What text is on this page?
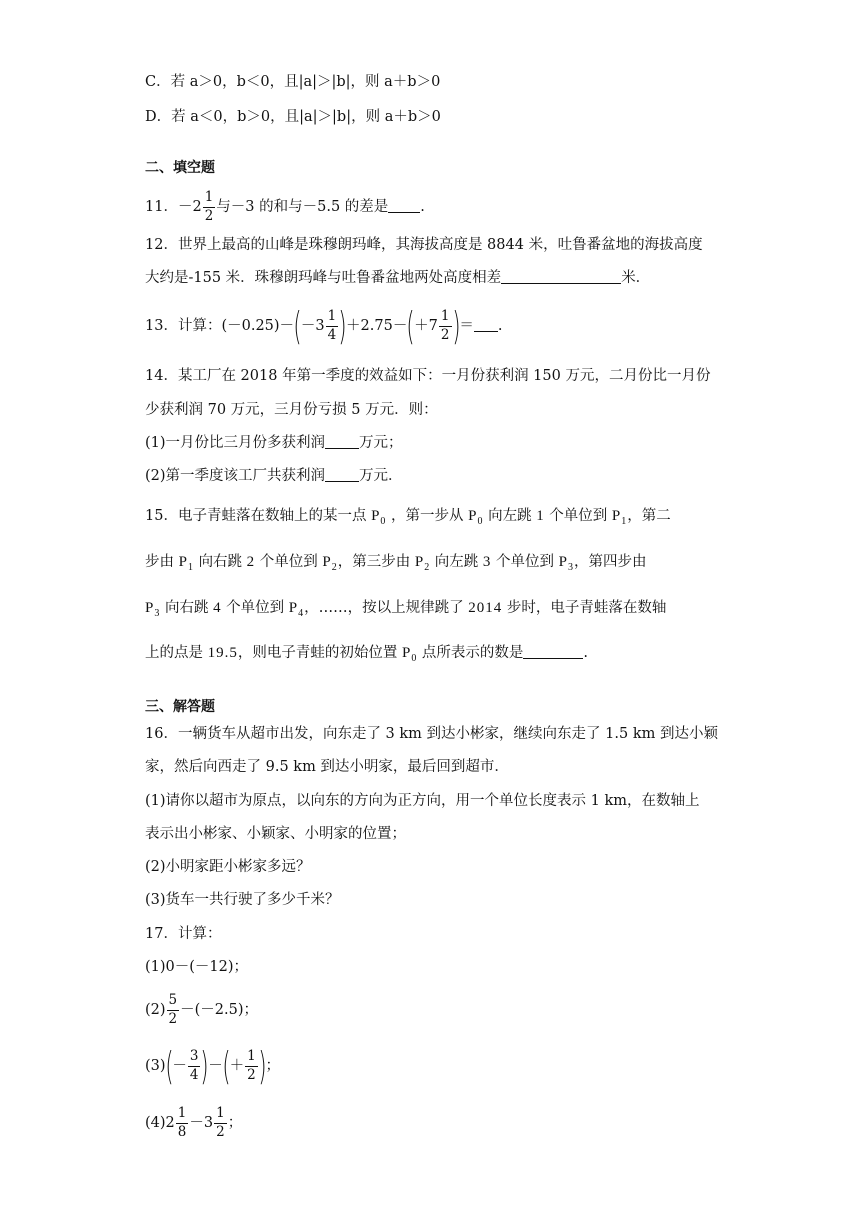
C．若 a＞0，b＜0，且|a|＞|b|，则 a＋b＞0
D．若 a＜0，b＞0，且|a|＞|b|，则 a＋b＞0
二、填空题
11．$-2 \frac{1}{2}$ 与－3 的和与－5.5 的差是 .
12．世界上最高的山峰是珠穆朗玛峰，其海拔高度是 8844 米，吐鲁番盆地的海拔高度
大约是-155 米．珠穆朗玛峰与吐鲁番盆地两处高度相差	米．
13．计算：$(-0.25)-(-3 \frac{1}{4} )+2.75-(+7 \frac{1}{2}$ )＝ .
14．某工厂在 2018 年第一季度的效益如下：一月份获利润 150 万元，二月份比一月份
少获利润 70 万元，三月份亏损 5 万元．则：
(1)一月份比三月份多获利润 万元；
(2)第一季度该工厂共获利润 万元．
15．电子青蛙落在数轴上的某一点 $P_0$ ，第一步从 $P_0$ 向左跳 1 个单位到 $P_1$，第二
步由 $P_1$ 向右跳 2 个单位到 $P_2$，第三步由 $P_2$ 向左跳 3 个单位到 $P_3$，第四步由
$P_3$ 向右跳 4 个单位到 $P_4$，……，按以上规律跳了 2014 步时，电子青蛙落在数轴
上的点是 19.5，则电子青蛙的初始位置 $P_0$ 点所表示的数是	.
三、解答题
16．一辆货车从超市出发，向东走了 3 km 到达小彬家，继续向东走了 1.5 km 到达小颖
家，然后向西走了 9.5 km 到达小明家，最后回到超市．
(1)请你以超市为原点，以向东的方向为正方向，用一个单位长度表示 1 km，在数轴上
表示出小彬家、小颖家、小明家的位置；
(2)小明家距小彬家多远？
(3)货车一共行驶了多少千米？
17．计算：
(1)0－(－12)；
$(2) \frac{5}{2} -(-2.5)$；
$(3)(- \frac{3}{4}$ )－(＋ $\frac{1}{2}$ )；
$(4)2 \frac{1}{8} -3 \frac{1}{2}$ ；
